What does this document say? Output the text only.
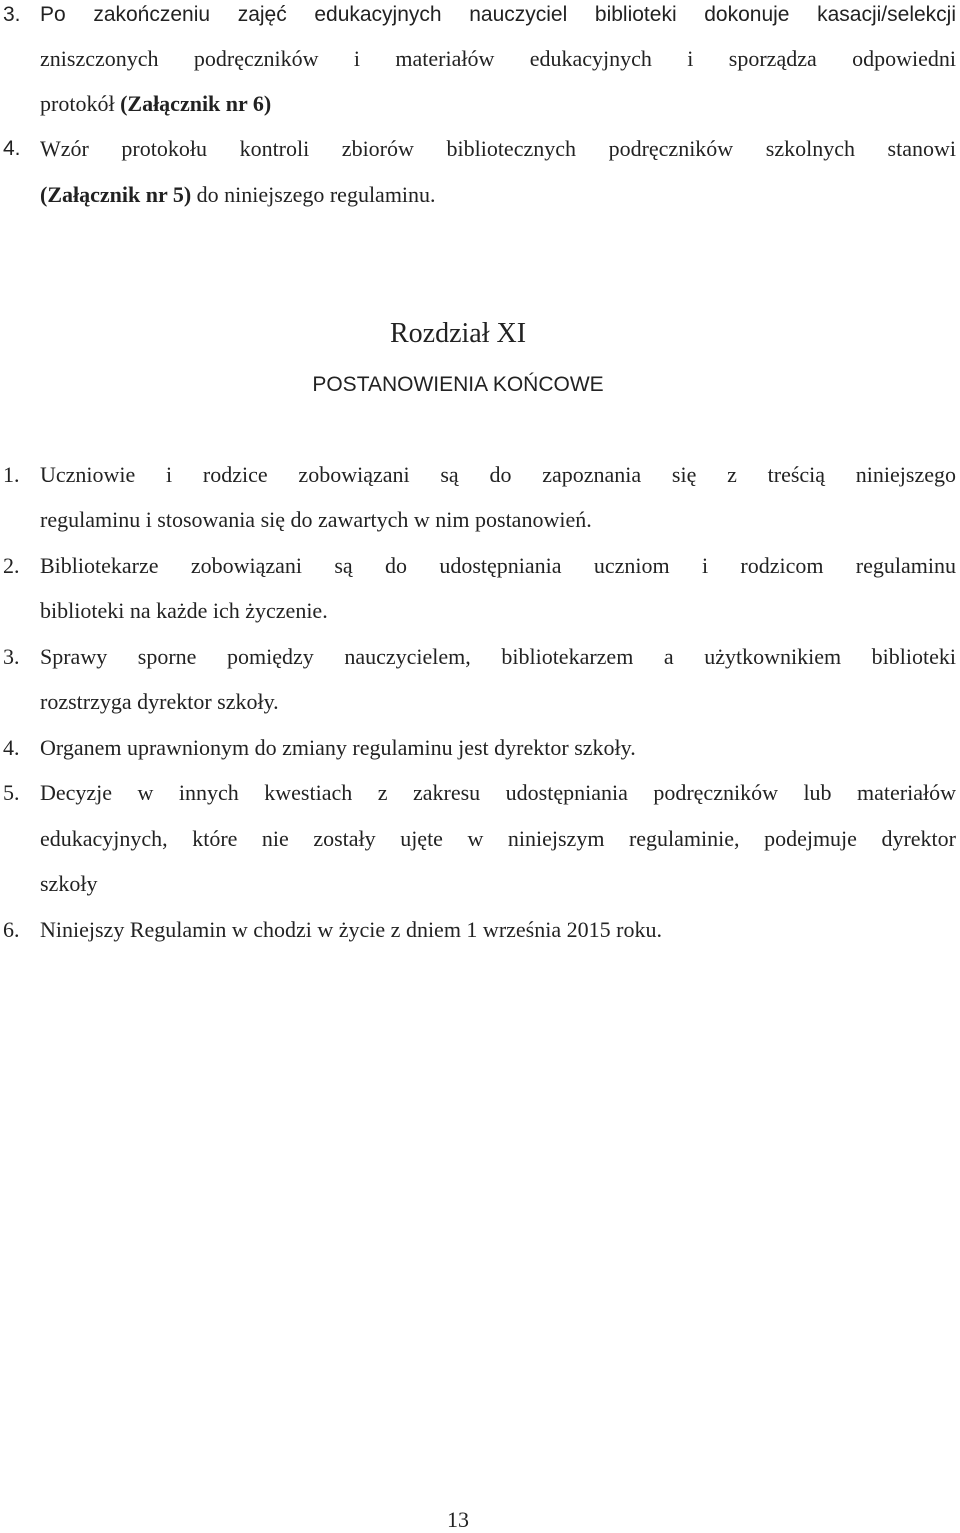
3. Po zakończeniu zajęć edukacyjnych nauczyciel biblioteki dokonuje kasacji/selekcji
zniszczonych podręczników i materiałów edukacyjnych i sporządza odpowiedni
protokół (Załącznik nr 6)
4. Wzór protokołu kontroli zbiorów bibliotecznych podręczników szkolnych stanowi
(Załącznik nr 5) do niniejszego regulaminu.
Rozdział XI
POSTANOWIENIA KOŃCOWE
1. Uczniowie i rodzice zobowiązani są do zapoznania się z treścią niniejszego
regulaminu i stosowania się do zawartych w nim postanowień.
2. Bibliotekarze zobowiązani są do udostępniania uczniom i rodzicom regulaminu
biblioteki na każde ich życzenie.
3. Sprawy sporne pomiędzy nauczycielem, bibliotekarzem a użytkownikiem biblioteki
rozstrzyga dyrektor szkoły.
4. Organem uprawnionym do zmiany regulaminu jest dyrektor szkoły.
5. Decyzje w innych kwestiach z zakresu udostępniania podręczników lub materiałów
edukacyjnych, które nie zostały ujęte w niniejszym regulaminie, podejmuje dyrektor
szkoły
6. Niniejszy Regulamin w chodzi w życie z dniem 1 września 2015 roku.
13
